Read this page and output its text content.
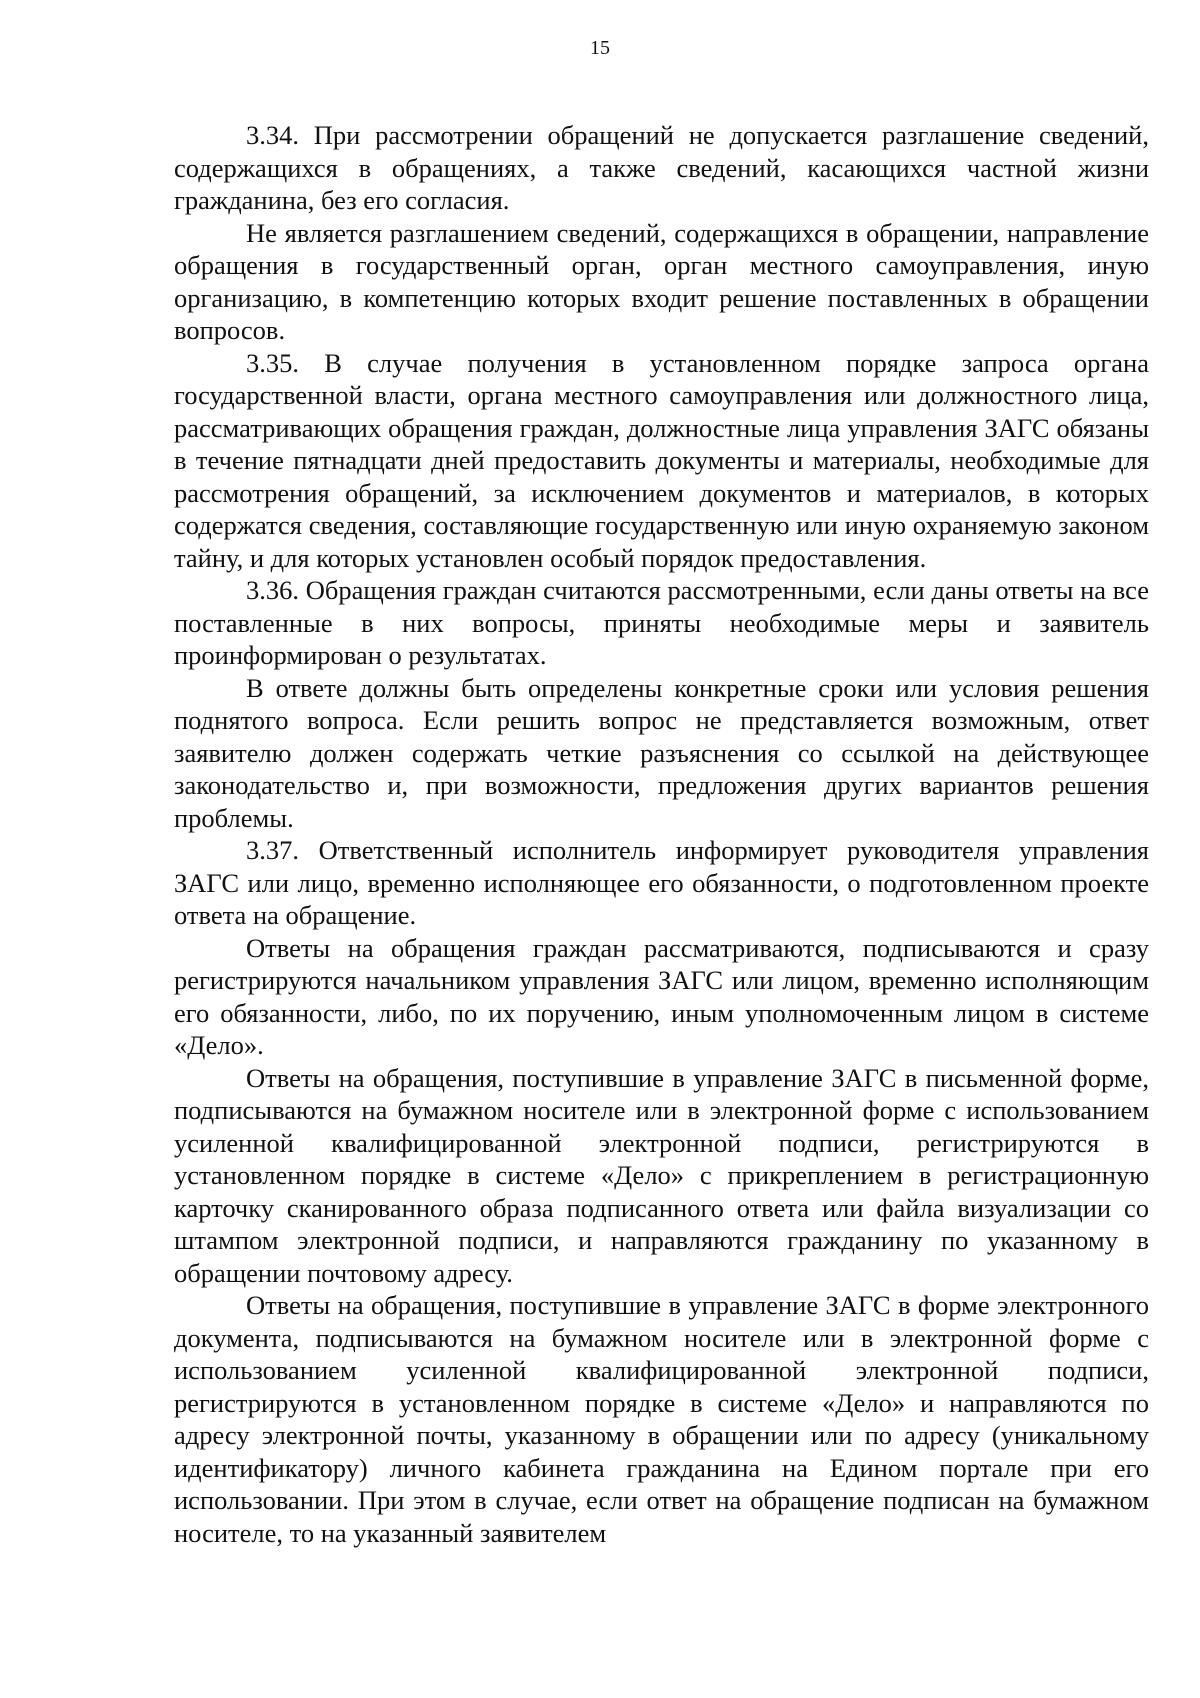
15

3.34. При рассмотрении обращений не допускается разглашение сведений, содержащихся в обращениях, а также сведений, касающихся частной жизни гражданина, без его согласия.

Не является разглашением сведений, содержащихся в обращении, направление обращения в государственный орган, орган местного самоуправления, иную организацию, в компетенцию которых входит решение поставленных в обращении вопросов.

3.35. В случае получения в установленном порядке запроса органа государственной власти, органа местного самоуправления или должностного лица, рассматривающих обращения граждан, должностные лица управления ЗАГС обязаны в течение пятнадцати дней предоставить документы и материалы, необходимые для рассмотрения обращений, за исключением документов и материалов, в которых содержатся сведения, составляющие государственную или иную охраняемую законом тайну, и для которых установлен особый порядок предоставления.

3.36. Обращения граждан считаются рассмотренными, если даны ответы на все поставленные в них вопросы, приняты необходимые меры и заявитель проинформирован о результатах.

В ответе должны быть определены конкретные сроки или условия решения поднятого вопроса. Если решить вопрос не представляется возможным, ответ заявителю должен содержать четкие разъяснения со ссылкой на действующее законодательство и, при возможности, предложения других вариантов решения проблемы.

3.37. Ответственный исполнитель информирует руководителя управления ЗАГС или лицо, временно исполняющее его обязанности, о подготовленном проекте ответа на обращение.

Ответы на обращения граждан рассматриваются, подписываются и сразу регистрируются начальником управления ЗАГС или лицом, временно исполняющим его обязанности, либо, по их поручению, иным уполномоченным лицом в системе «Дело».

Ответы на обращения, поступившие в управление ЗАГС в письменной форме, подписываются на бумажном носителе или в электронной форме с использованием усиленной квалифицированной электронной подписи, регистрируются в установленном порядке в системе «Дело» с прикреплением в регистрационную карточку сканированного образа подписанного ответа или файла визуализации со штампом электронной подписи, и направляются гражданину по указанному в обращении почтовому адресу.

Ответы на обращения, поступившие в управление ЗАГС в форме электронного документа, подписываются на бумажном носителе или в электронной форме с использованием усиленной квалифицированной электронной подписи, регистрируются в установленном порядке в системе «Дело» и направляются по адресу электронной почты, указанному в обращении или по адресу (уникальному идентификатору) личного кабинета гражданина на Едином портале при его использовании. При этом в случае, если ответ на обращение подписан на бумажном носителе, то на указанный заявителем
